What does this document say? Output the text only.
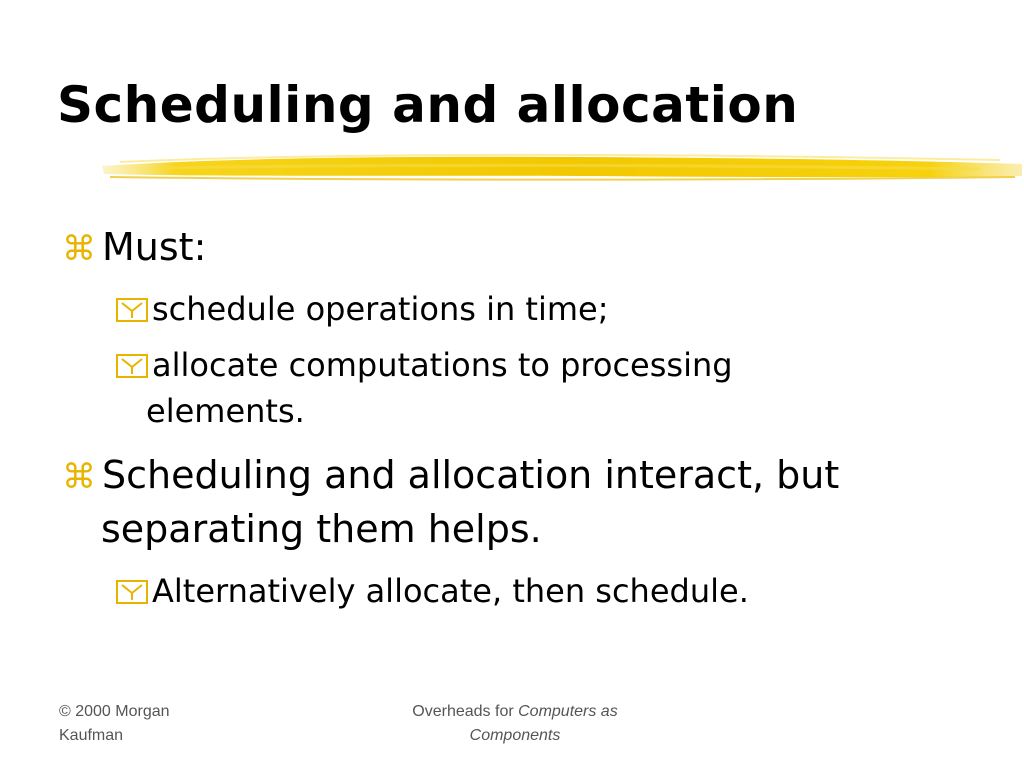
Scheduling and allocation
⌘ Must:
schedule operations in time;
allocate computations to processing
elements.
⌘ Scheduling and allocation interact, but
separating them helps.
Alternatively allocate, then schedule.
© 2000 Morgan
Kaufman
Overheads for Computers as
Components
